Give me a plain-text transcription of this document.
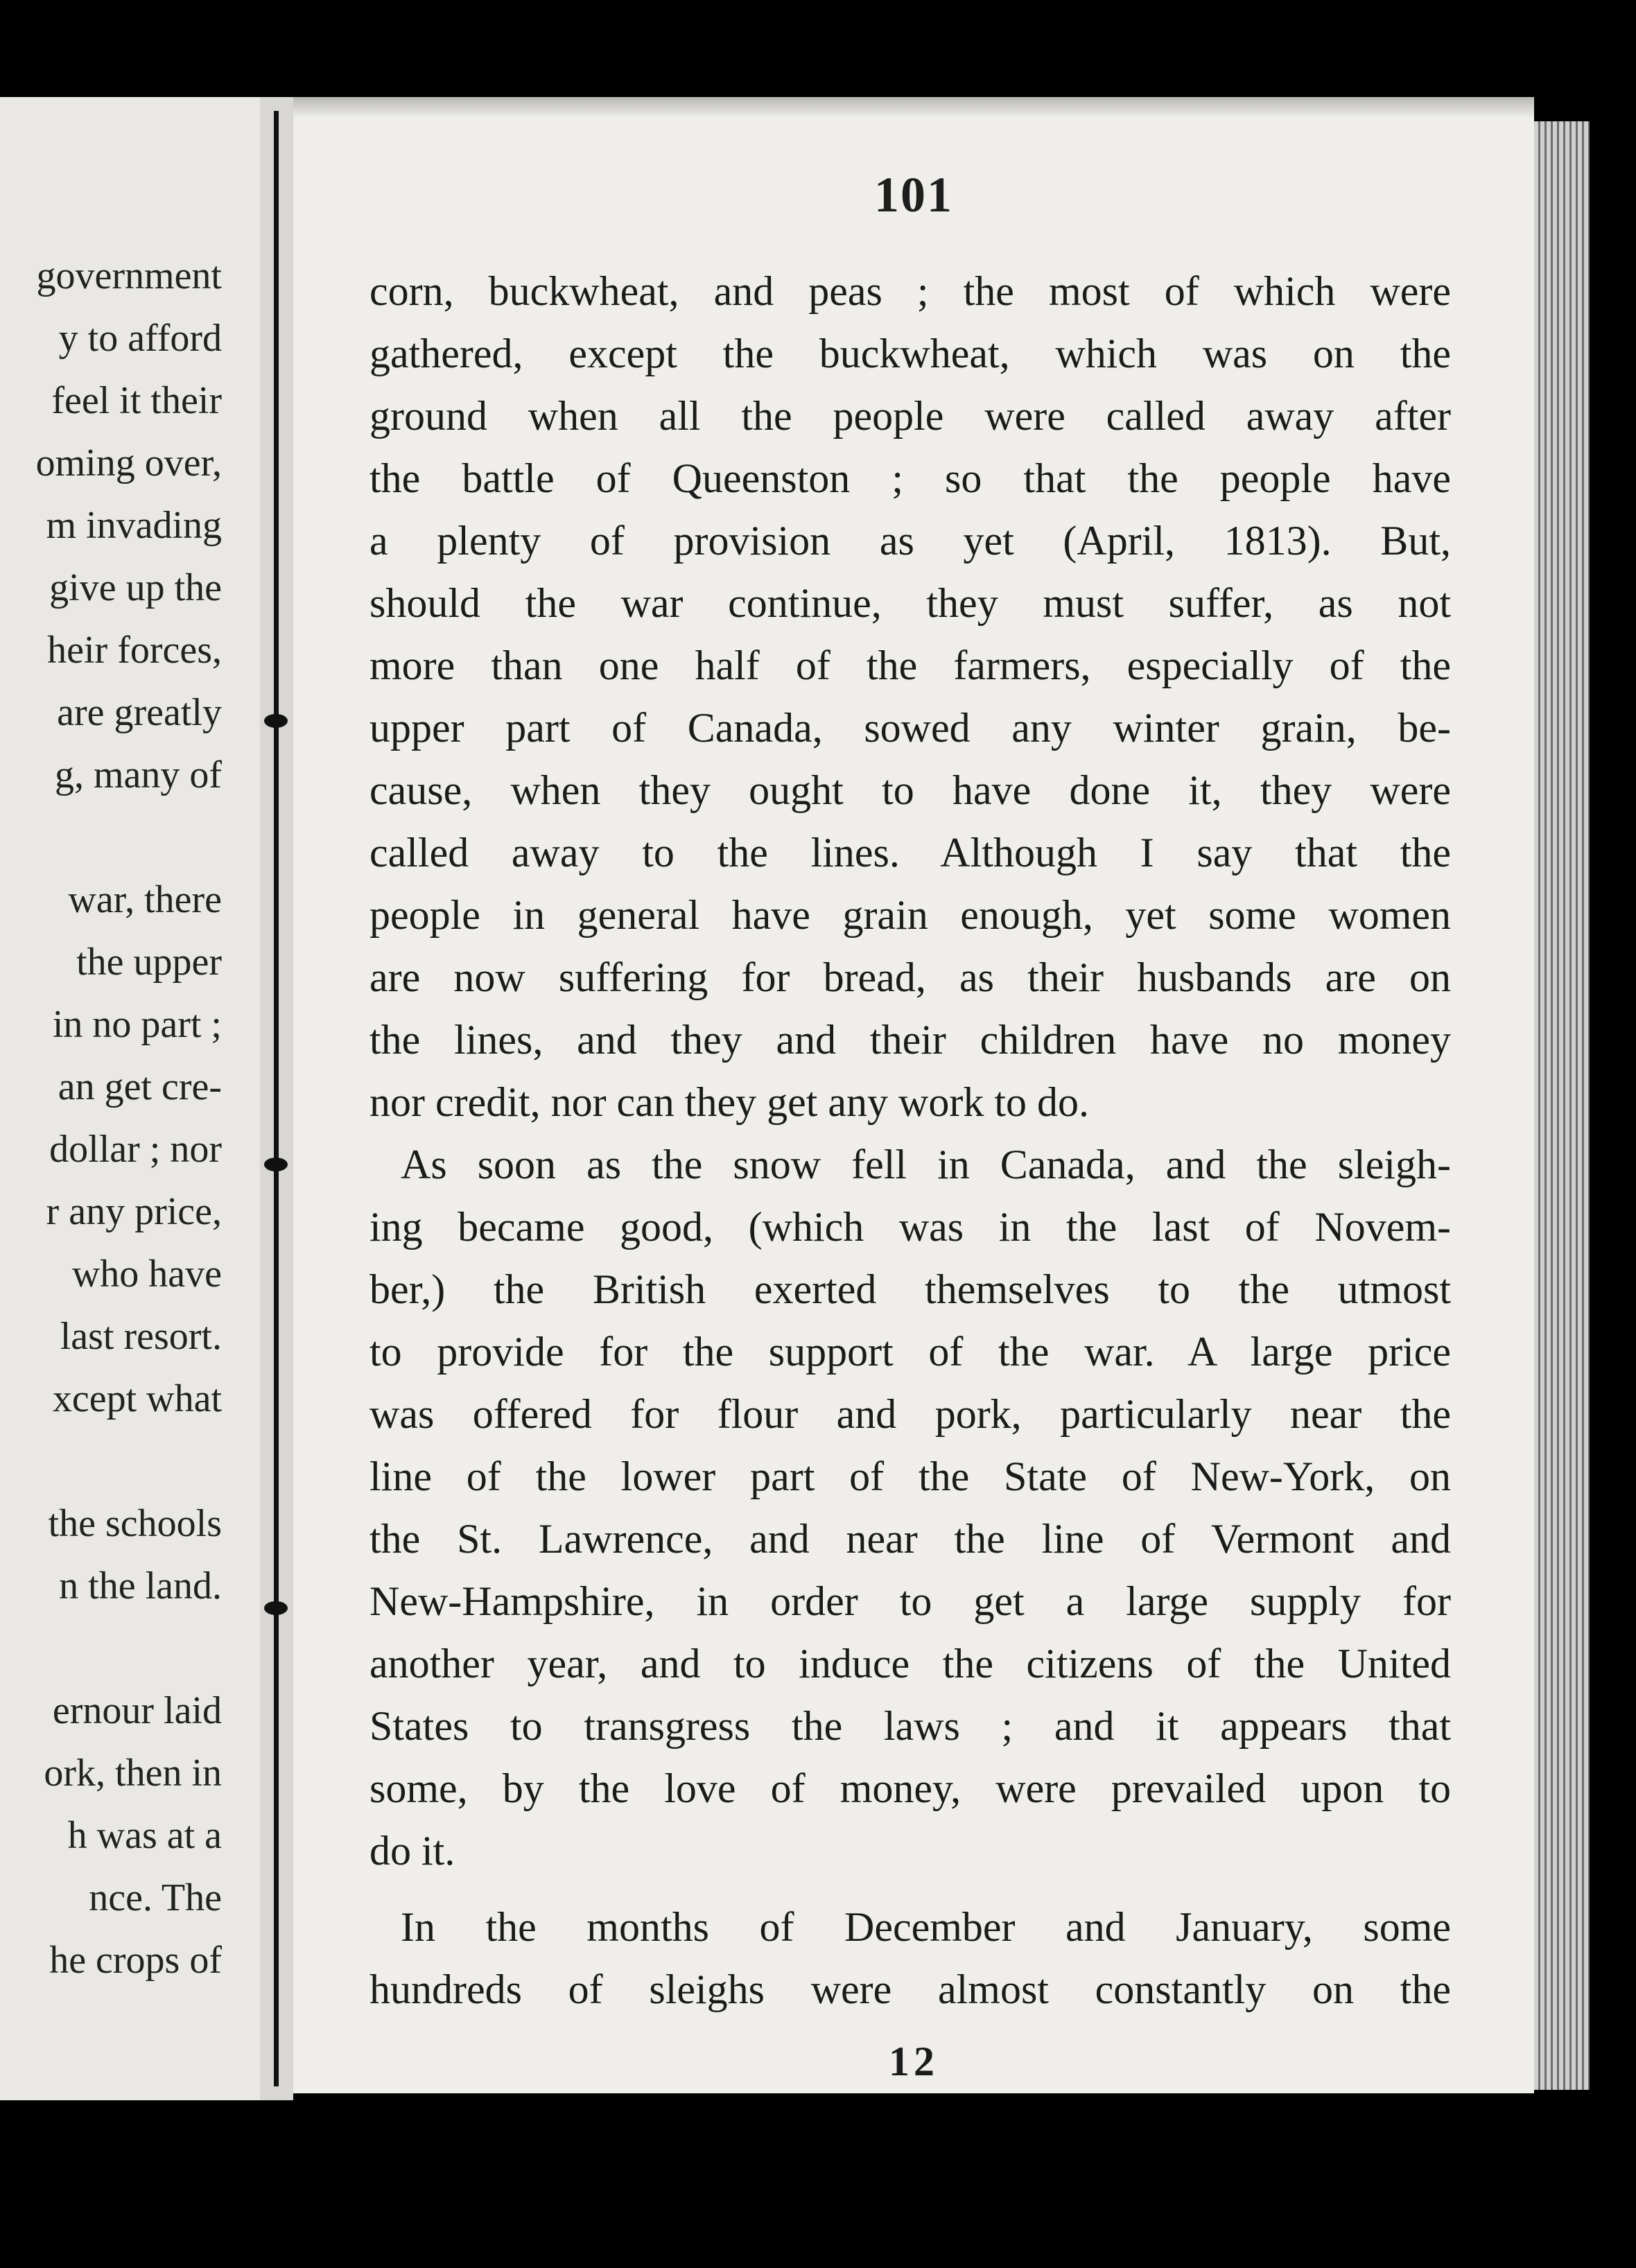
government
y to afford
feel it their
oming over,
m invading
give up the
heir forces,
are greatly
g, many of
war, there
the upper
in no part ;
an get cre-
dollar ; nor
r any price,
who have
last resort.
xcept what
the schools
n the land.
ernour laid
ork, then in
h was at a
nce. The
he crops of
101
corn, buckwheat, and peas ; the most of which were
gathered, except the buckwheat, which was on the
ground when all the people were called away after
the battle of Queenston ; so that the people have
a plenty of provision as yet (April, 1813). But,
should the war continue, they must suffer, as not
more than one half of the farmers, especially of the
upper part of Canada, sowed any winter grain, be-
cause, when they ought to have done it, they were
called away to the lines. Although I say that the
people in general have grain enough, yet some women
are now suffering for bread, as their husbands are on
the lines, and they and their children have no money
nor credit, nor can they get any work to do.
As soon as the snow fell in Canada, and the sleigh-
ing became good, (which was in the last of Novem-
ber,) the British exerted themselves to the utmost
to provide for the support of the war. A large price
was offered for flour and pork, particularly near the
line of the lower part of the State of New-York, on
the St. Lawrence, and near the line of Vermont and
New-Hampshire, in order to get a large supply for
another year, and to induce the citizens of the United
States to transgress the laws ; and it appears that
some, by the love of money, were prevailed upon to
do it.
In the months of December and January, some
hundreds of sleighs were almost constantly on the
12
